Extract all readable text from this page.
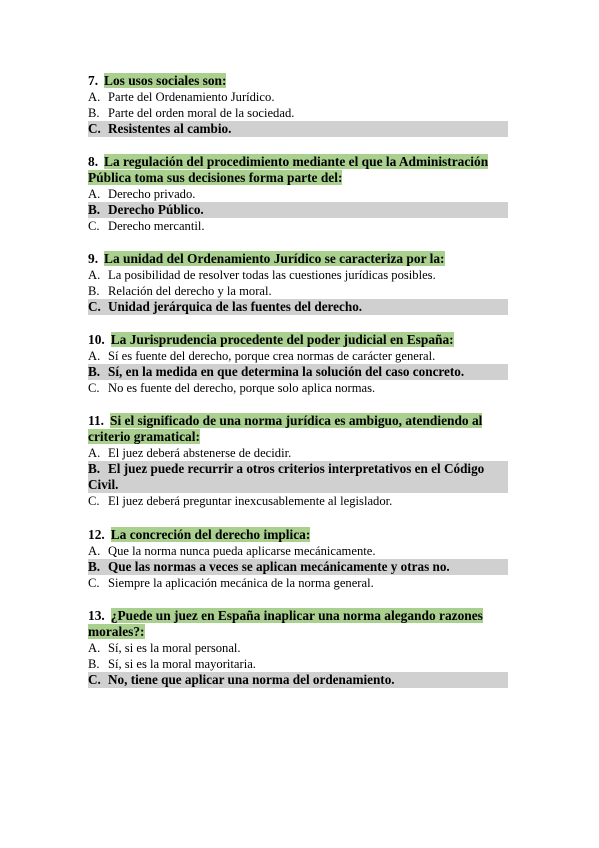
7. Los usos sociales son:
A. Parte del Ordenamiento Jurídico.
B. Parte del orden moral de la sociedad.
C. Resistentes al cambio.
8. La regulación del procedimiento mediante el que la Administración Pública toma sus decisiones forma parte del:
A. Derecho privado.
B. Derecho Público.
C. Derecho mercantil.
9. La unidad del Ordenamiento Jurídico se caracteriza por la:
A. La posibilidad de resolver todas las cuestiones jurídicas posibles.
B. Relación del derecho y la moral.
C. Unidad jerárquica de las fuentes del derecho.
10. La Jurisprudencia procedente del poder judicial en España:
A. Sí es fuente del derecho, porque crea normas de carácter general.
B. Sí, en la medida en que determina la solución del caso concreto.
C. No es fuente del derecho, porque solo aplica normas.
11. Si el significado de una norma jurídica es ambiguo, atendiendo al criterio gramatical:
A. El juez deberá abstenerse de decidir.
B. El juez puede recurrir a otros criterios interpretativos en el Código Civil.
C. El juez deberá preguntar inexcusablemente al legislador.
12. La concreción del derecho implica:
A. Que la norma nunca pueda aplicarse mecánicamente.
B. Que las normas a veces se aplican mecánicamente y otras no.
C. Siempre la aplicación mecánica de la norma general.
13. ¿Puede un juez en España inaplicar una norma alegando razones morales?:
A. Sí, si es la moral personal.
B. Sí, si es la moral mayoritaria.
C. No, tiene que aplicar una norma del ordenamiento.
